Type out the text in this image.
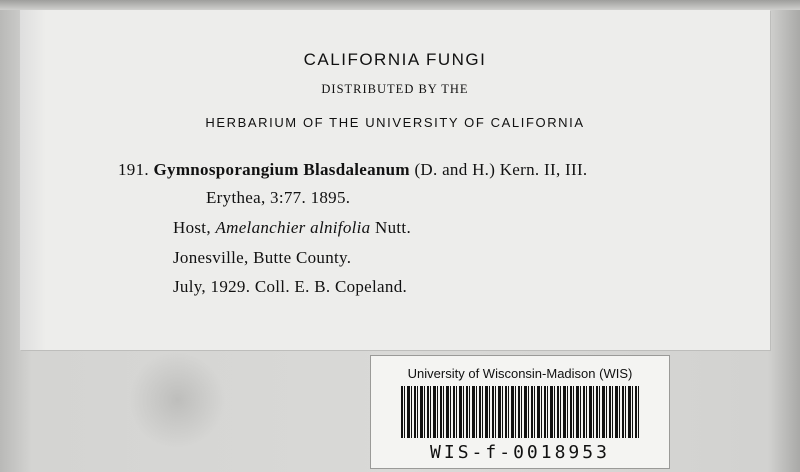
CALIFORNIA FUNGI
DISTRIBUTED BY THE
HERBARIUM OF THE UNIVERSITY OF CALIFORNIA
191. Gymnosporangium Blasdaleanum (D. and H.) Kern. II, III.
Erythea, 3:77. 1895.
Host, Amelanchier alnifolia Nutt.
Jonesville, Butte County.
July, 1929. Coll. E. B. Copeland.
University of Wisconsin-Madison (WIS)
WIS-f-0018953
